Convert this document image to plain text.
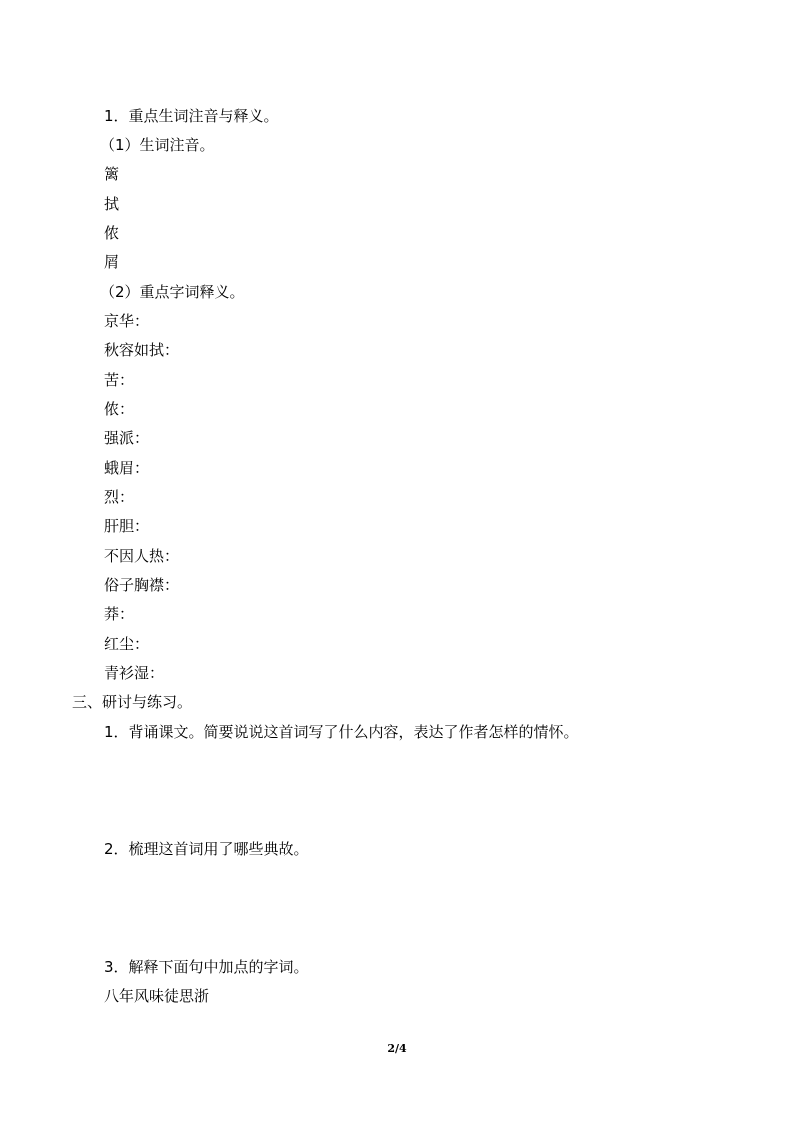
1．重点生词注音与释义。
（1）生词注音。
篱
拭
侬
屑
（2）重点字词释义。
京华：
秋容如拭：
苦：
侬：
强派：
蛾眉：
烈：
肝胆：
不因人热：
俗子胸襟：
莽：
红尘：
青衫湿：
三、研讨与练习。
1．背诵课文。简要说说这首词写了什么内容，表达了作者怎样的情怀。
2．梳理这首词用了哪些典故。
3．解释下面句中加点的字词。
八年风味徒思浙
2/4
